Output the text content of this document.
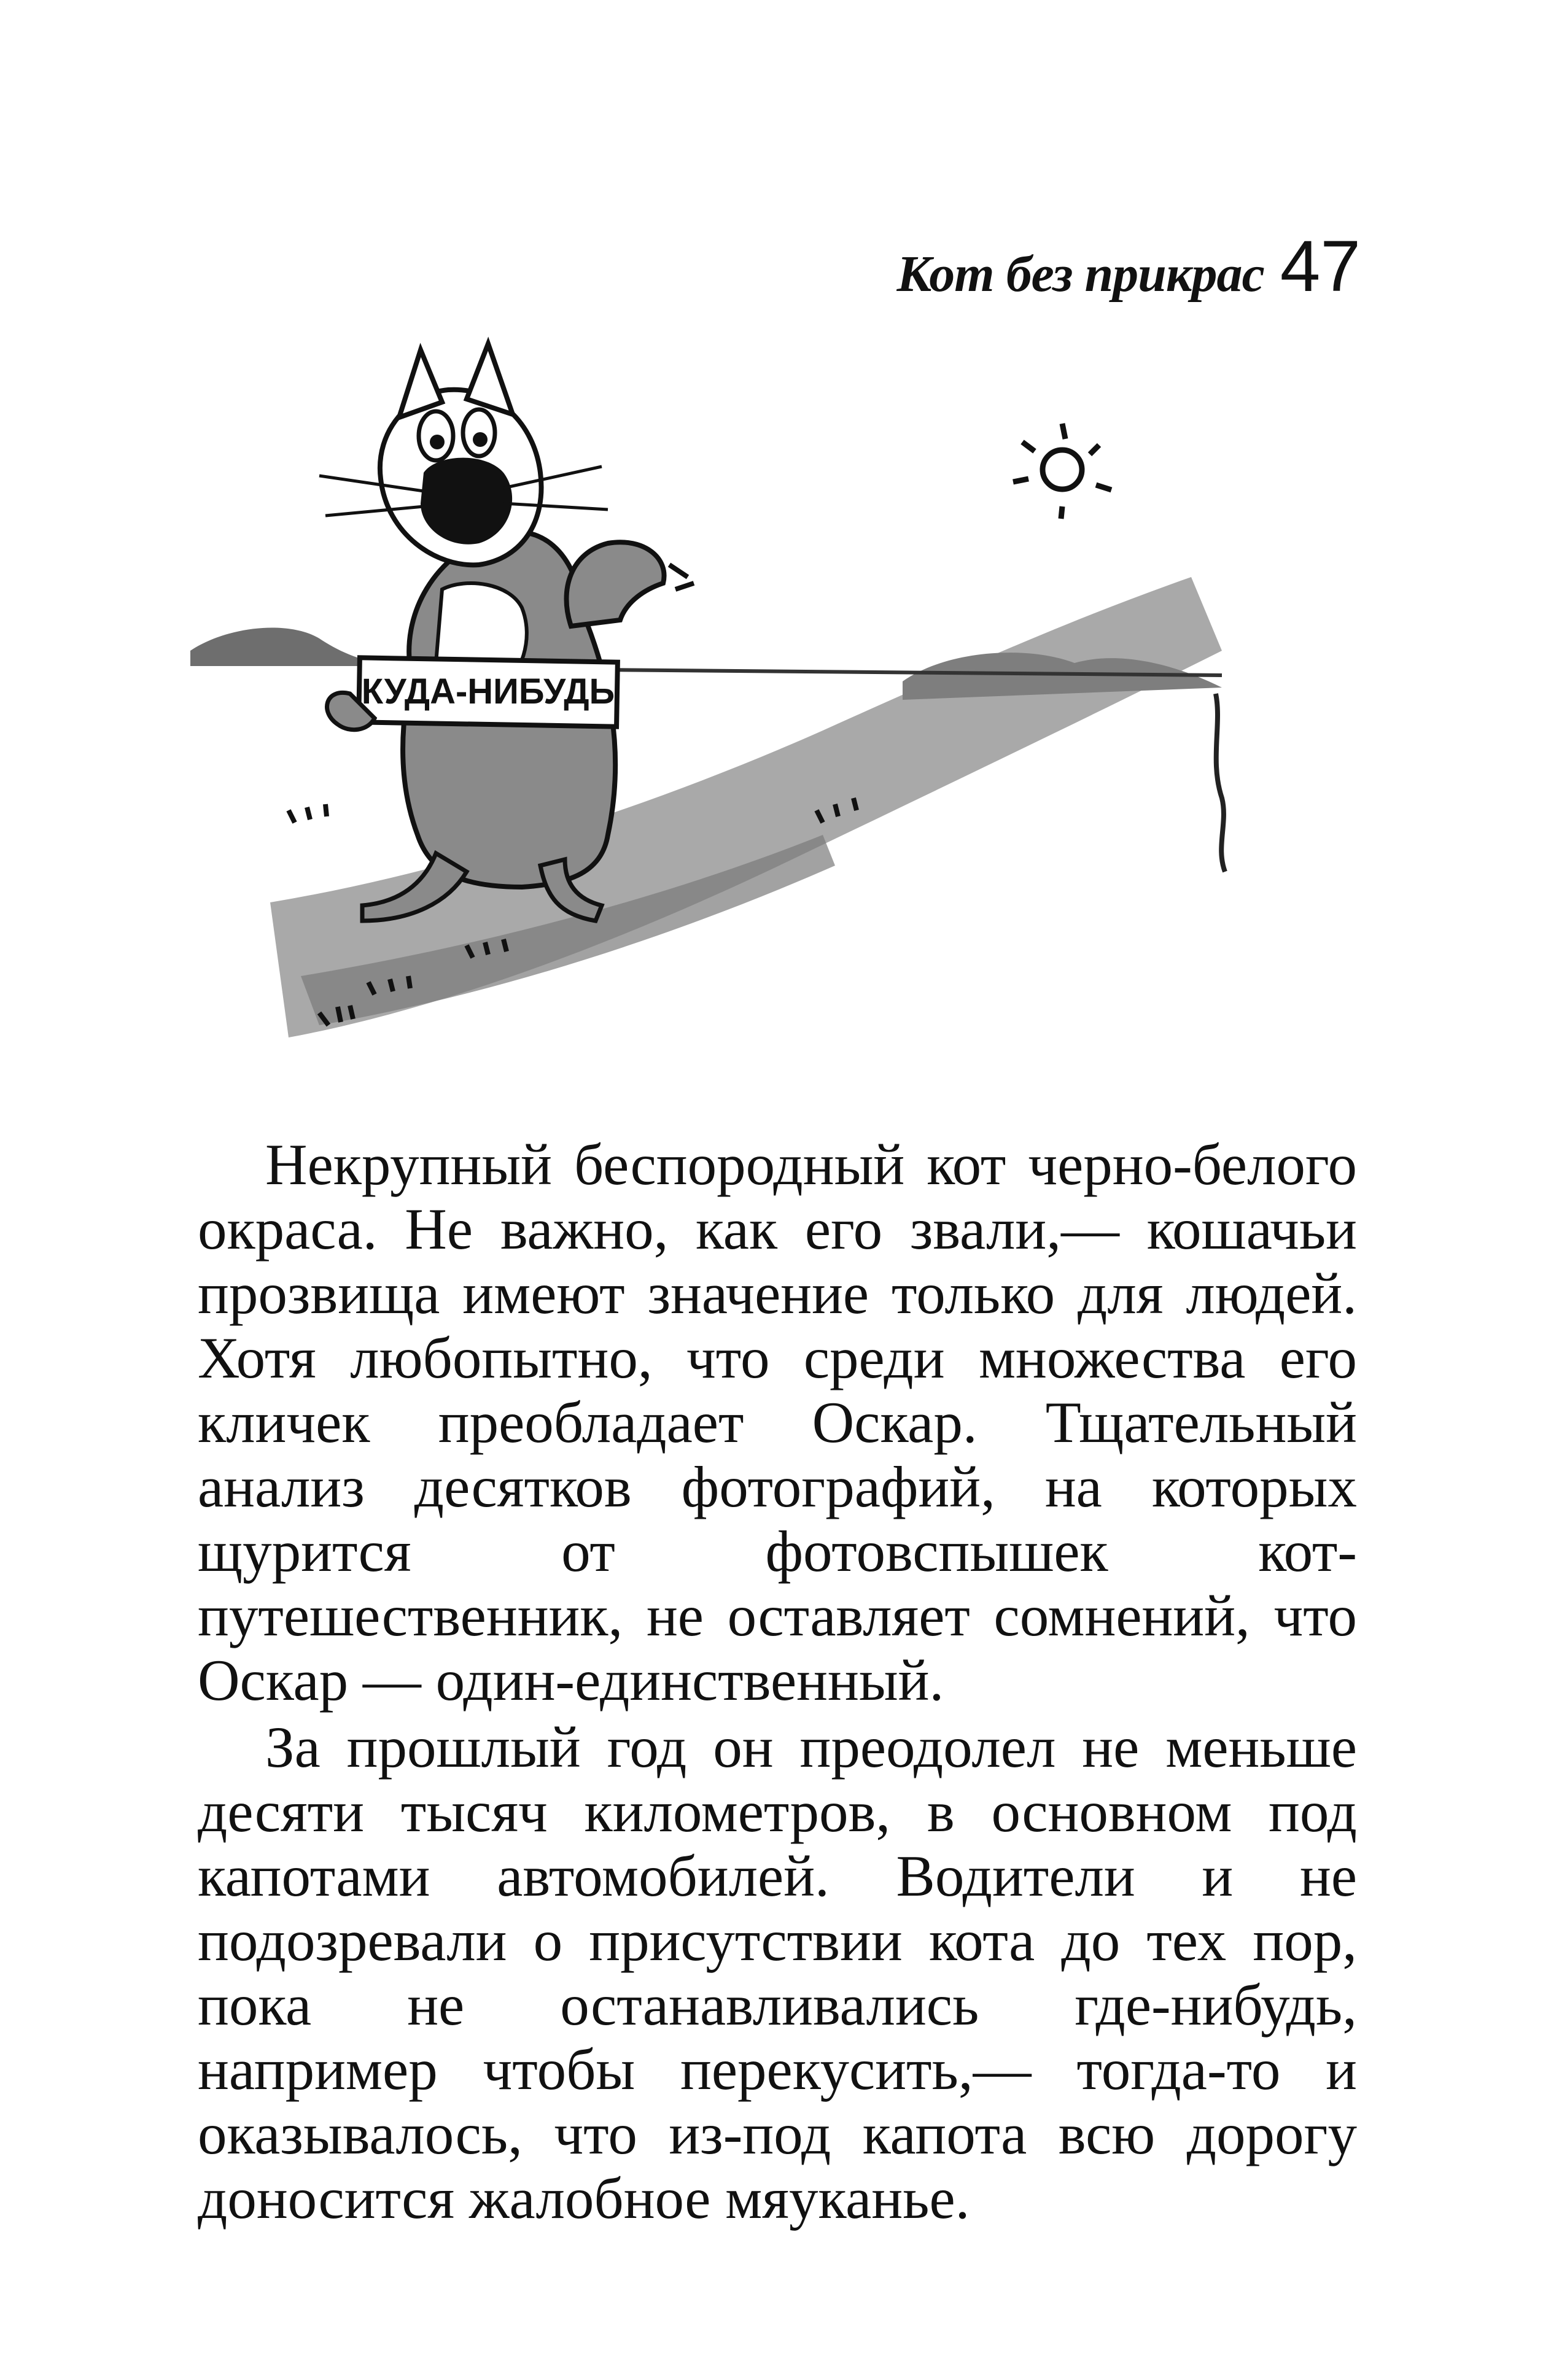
Кот без прикрас 47
КУДА-НИБУДЬ

Некрупный беспородный кот черно-белого окраса. Не важно, как его звали,— кошачьи прозвища имеют значение только для людей. Хотя любопытно, что среди множества его кличек преобладает Оскар. Тщательный анализ десятков фотографий, на которых щурится от фотовспышек кот-путешественник, не оставляет сомнений, что Оскар — один-единственный.

За прошлый год он преодолел не меньше десяти тысяч километров, в основном под капотами автомобилей. Водители и не подозревали о присутствии кота до тех пор, пока не останавливались где-нибудь, например чтобы перекусить,— тогда-то и оказывалось, что из-под капота всю дорогу доносится жалобное мяуканье.
